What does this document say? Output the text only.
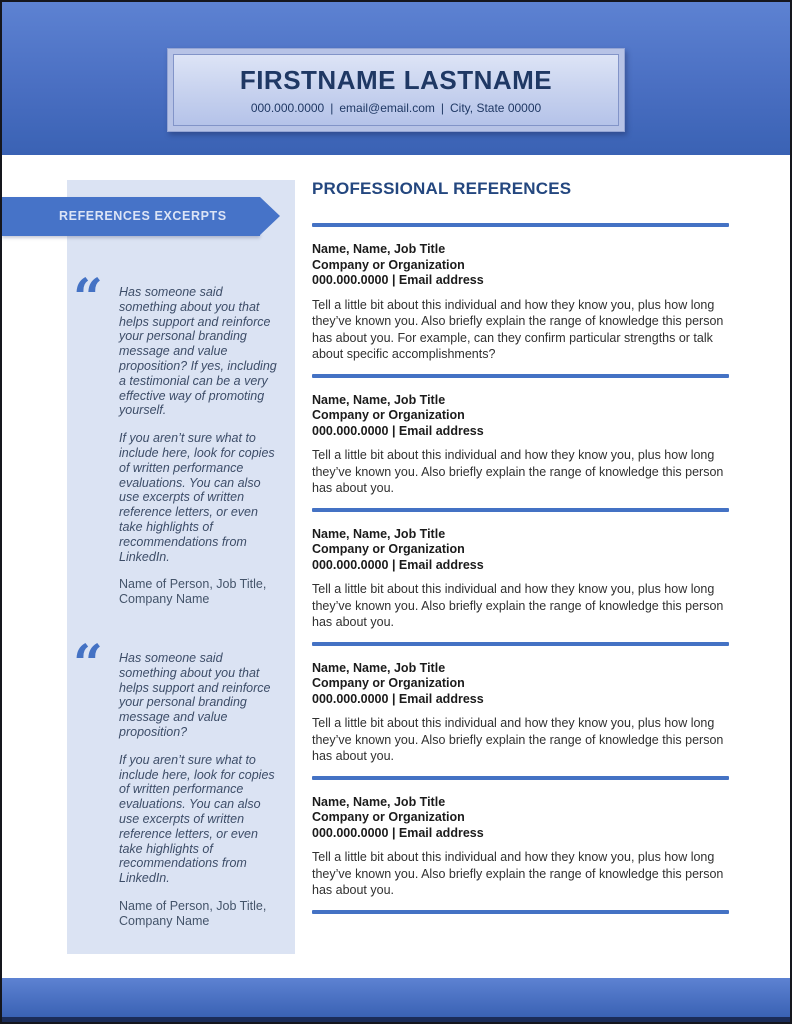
FIRSTNAME LASTNAME
000.000.0000 | email@email.com | City, State 00000
REFERENCES EXCERPTS
“ Has someone said something about you that helps support and reinforce your personal branding message and value proposition? If yes, including a testimonial can be a very effective way of promoting yourself.

If you aren’t sure what to include here, look for copies of written performance evaluations. You can also use excerpts of written reference letters, or even take highlights of recommendations from LinkedIn.

Name of Person, Job Title, Company Name

“ Has someone said something about you that helps support and reinforce your personal branding message and value proposition?

If you aren’t sure what to include here, look for copies of written performance evaluations. You can also use excerpts of written reference letters, or even take highlights of recommendations from LinkedIn.

Name of Person, Job Title, Company Name

PROFESSIONAL REFERENCES

Name, Name, Job Title
Company or Organization
000.000.0000 | Email address

Tell a little bit about this individual and how they know you, plus how long they’ve known you. Also briefly explain the range of knowledge this person has about you. For example, can they confirm particular strengths or talk about specific accomplishments?

Name, Name, Job Title
Company or Organization
000.000.0000 | Email address

Tell a little bit about this individual and how they know you, plus how long they’ve known you. Also briefly explain the range of knowledge this person has about you.

Name, Name, Job Title
Company or Organization
000.000.0000 | Email address

Tell a little bit about this individual and how they know you, plus how long they’ve known you. Also briefly explain the range of knowledge this person has about you.

Name, Name, Job Title
Company or Organization
000.000.0000 | Email address

Tell a little bit about this individual and how they know you, plus how long they’ve known you. Also briefly explain the range of knowledge this person has about you.

Name, Name, Job Title
Company or Organization
000.000.0000 | Email address

Tell a little bit about this individual and how they know you, plus how long they’ve known you. Also briefly explain the range of knowledge this person has about you.
